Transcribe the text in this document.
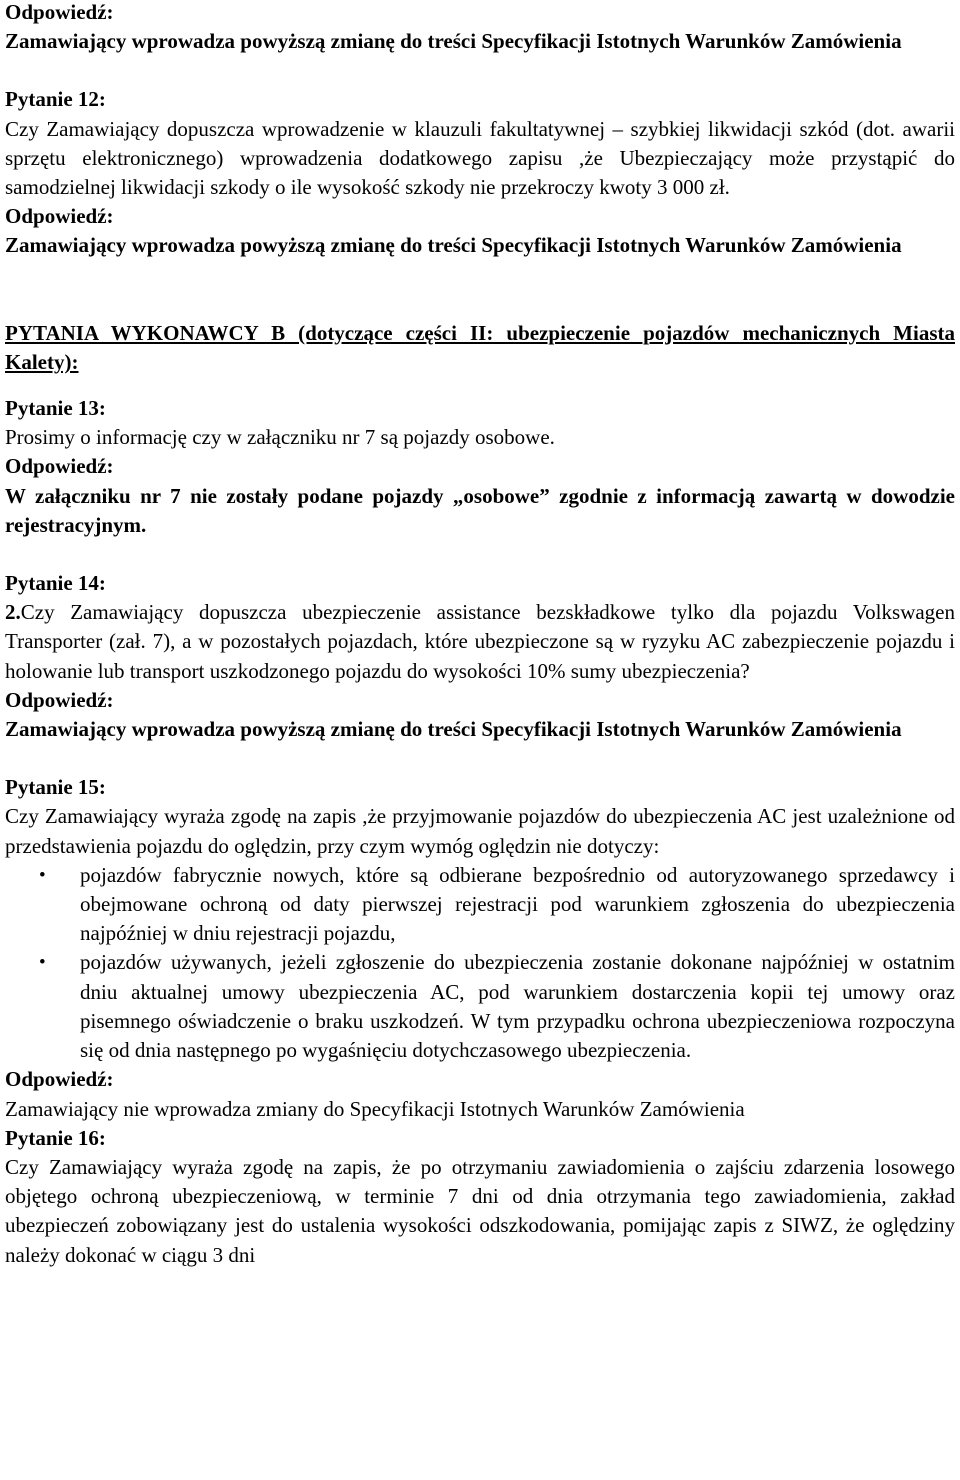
Odpowiedź:

Zamawiający wprowadza powyższą zmianę do treści Specyfikacji Istotnych Warunków Zamówienia

Pytanie 12:

Czy Zamawiający dopuszcza wprowadzenie w klauzuli fakultatywnej – szybkiej likwidacji szkód (dot. awarii sprzętu elektronicznego) wprowadzenia dodatkowego zapisu ,że Ubezpieczający może przystąpić do samodzielnej likwidacji szkody o ile wysokość szkody nie przekroczy kwoty 3 000 zł.

Odpowiedź:

Zamawiający wprowadza powyższą zmianę do treści Specyfikacji Istotnych Warunków Zamówienia

PYTANIA WYKONAWCY B (dotyczące części II: ubezpieczenie pojazdów mechanicznych Miasta Kalety):

Pytanie 13:

Prosimy o informację czy w załączniku nr 7 są pojazdy osobowe.

Odpowiedź:

W załączniku nr 7 nie zostały podane pojazdy „osobowe” zgodnie z informacją zawartą w dowodzie rejestracyjnym.

Pytanie 14:

2.Czy Zamawiający dopuszcza ubezpieczenie assistance bezskładkowe tylko dla pojazdu Volkswagen Transporter (zał. 7), a w pozostałych pojazdach, które ubezpieczone są w ryzyku AC zabezpieczenie pojazdu i holowanie lub transport uszkodzonego pojazdu do wysokości 10% sumy ubezpieczenia?

Odpowiedź:

Zamawiający wprowadza powyższą zmianę do treści Specyfikacji Istotnych Warunków Zamówienia

Pytanie 15:

Czy Zamawiający wyraża zgodę na zapis ,że przyjmowanie pojazdów do ubezpieczenia AC jest uzależnione od przedstawienia pojazdu do oględzin, przy czym wymóg oględzin nie dotyczy:

• pojazdów fabrycznie nowych, które są odbierane bezpośrednio od autoryzowanego sprzedawcy i obejmowane ochroną od daty pierwszej rejestracji pod warunkiem zgłoszenia do ubezpieczenia najpóźniej w dniu rejestracji pojazdu,
• pojazdów używanych, jeżeli zgłoszenie do ubezpieczenia zostanie dokonane najpóźniej w ostatnim dniu aktualnej umowy ubezpieczenia AC, pod warunkiem dostarczenia kopii tej umowy oraz pisemnego oświadczenie o braku uszkodzeń. W tym przypadku ochrona ubezpieczeniowa rozpoczyna się od dnia następnego po wygaśnięciu dotychczasowego ubezpieczenia.

Odpowiedź:

Zamawiający nie wprowadza zmiany do Specyfikacji Istotnych Warunków Zamówienia

Pytanie 16:

Czy Zamawiający wyraża zgodę na zapis, że po otrzymaniu zawiadomienia o zajściu zdarzenia losowego objętego ochroną ubezpieczeniową, w terminie 7 dni od dnia otrzymania tego zawiadomienia, zakład ubezpieczeń zobowiązany jest do ustalenia wysokości odszkodowania, pomijając zapis z SIWZ, że oględziny należy dokonać w ciągu 3 dni
